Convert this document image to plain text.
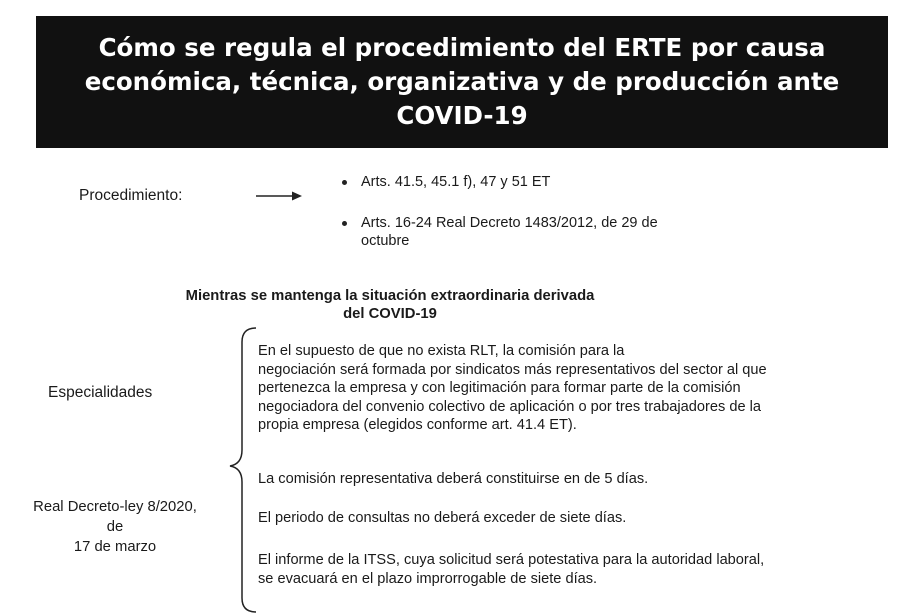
Cómo se regula el procedimiento del ERTE por causa
económica, técnica, organizativa y de producción ante
COVID-19
Procedimiento:
Arts. 41.5, 45.1 f), 47 y 51 ET
Arts. 16-24 Real Decreto 1483/2012, de 29 de
octubre
Mientras se mantenga la situación extraordinaria derivada
del COVID-19
Especialidades
Real Decreto-ley 8/2020,
de
17 de marzo
En el supuesto de que no exista RLT, la comisión para la
negociación será formada por sindicatos más representativos del sector al que
pertenezca la empresa y con legitimación para formar parte de la comisión
negociadora del convenio colectivo de aplicación o por tres trabajadores de la
propia empresa (elegidos conforme art. 41.4 ET).
La comisión representativa deberá constituirse en de 5 días.
El periodo de consultas no deberá exceder de siete días.
El informe de la ITSS, cuya solicitud será potestativa para la autoridad laboral,
se evacuará en el plazo improrrogable de siete días.
